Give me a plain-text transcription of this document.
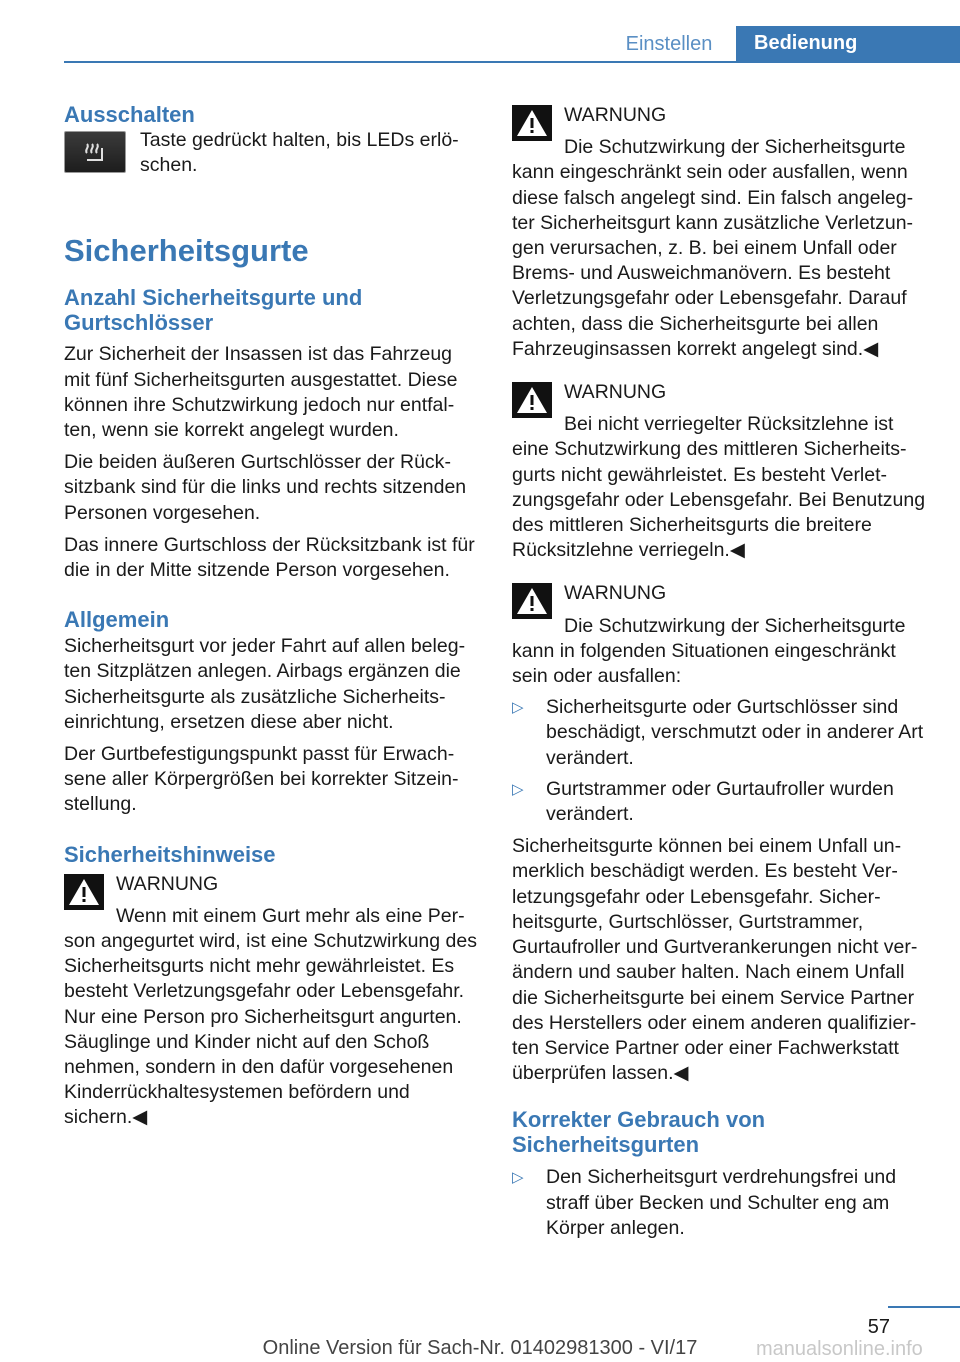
Einstellen	Bedienung
Ausschalten

Taste gedrückt halten, bis LEDs erlöschen.

Sicherheitsgurte
Anzahl Sicherheitsgurte und Gurtschlösser

Zur Sicherheit der Insassen ist das Fahrzeug mit fünf Sicherheitsgurten ausgestattet. Diese können ihre Schutzwirkung jedoch nur entfalten, wenn sie korrekt angelegt wurden.

Die beiden äußeren Gurtschlösser der Rücksitzbank sind für die links und rechts sitzenden Personen vorgesehen.

Das innere Gurtschloss der Rücksitzbank ist für die in der Mitte sitzende Person vorgesehen.

Allgemein

Sicherheitsgurt vor jeder Fahrt auf allen belegten Sitzplätzen anlegen. Airbags ergänzen die Sicherheitsgurte als zusätzliche Sicherheitseinrichtung, ersetzen diese aber nicht.

Der Gurtbefestigungspunkt passt für Erwachsene aller Körpergrößen bei korrekter Sitzeinstellung.

Sicherheitshinweise
WARNUNG
Wenn mit einem Gurt mehr als eine Person angegurtet wird, ist eine Schutzwirkung des Sicherheitsgurts nicht mehr gewährleistet. Es besteht Verletzungsgefahr oder Lebensgefahr. Nur eine Person pro Sicherheitsgurt angurten. Säuglinge und Kinder nicht auf den Schoß nehmen, sondern in den dafür vorgesehenen Kinderrückhaltesystemen befördern und sichern.◀
WARNUNG
Die Schutzwirkung der Sicherheitsgurte kann eingeschränkt sein oder ausfallen, wenn diese falsch angelegt sind. Ein falsch angelegter Sicherheitsgurt kann zusätzliche Verletzungen verursachen, z. B. bei einem Unfall oder Brems- und Ausweichmanövern. Es besteht Verletzungsgefahr oder Lebensgefahr. Darauf achten, dass die Sicherheitsgurte bei allen Fahrzeuginsassen korrekt angelegt sind.◀
WARNUNG
Bei nicht verriegelter Rücksitzlehne ist eine Schutzwirkung des mittleren Sicherheitsgurts nicht gewährleistet. Es besteht Verletzungsgefahr oder Lebensgefahr. Bei Benutzung des mittleren Sicherheitsgurts die breitere Rücksitzlehne verriegeln.◀
WARNUNG
Die Schutzwirkung der Sicherheitsgurte kann in folgenden Situationen eingeschränkt sein oder ausfallen:
▷ Sicherheitsgurte oder Gurtschlösser sind beschädigt, verschmutzt oder in anderer Art verändert.
▷ Gurtstrammer oder Gurtaufroller wurden verändert.

Sicherheitsgurte können bei einem Unfall unmerklich beschädigt werden. Es besteht Verletzungsgefahr oder Lebensgefahr. Sicherheitsgurte, Gurtschlösser, Gurtstrammer, Gurtaufroller und Gurtverankerungen nicht verändern und sauber halten. Nach einem Unfall die Sicherheitsgurte bei einem Service Partner des Herstellers oder einem anderen qualifizierten Service Partner oder einer Fachwerkstatt überprüfen lassen.◀

Korrekter Gebrauch von Sicherheitsgurten
▷ Den Sicherheitsgurt verdrehungsfrei und straff über Becken und Schulter eng am Körper anlegen.
57
Online Version für Sach-Nr. 01402981300 - VI/17	manualsonline.info
